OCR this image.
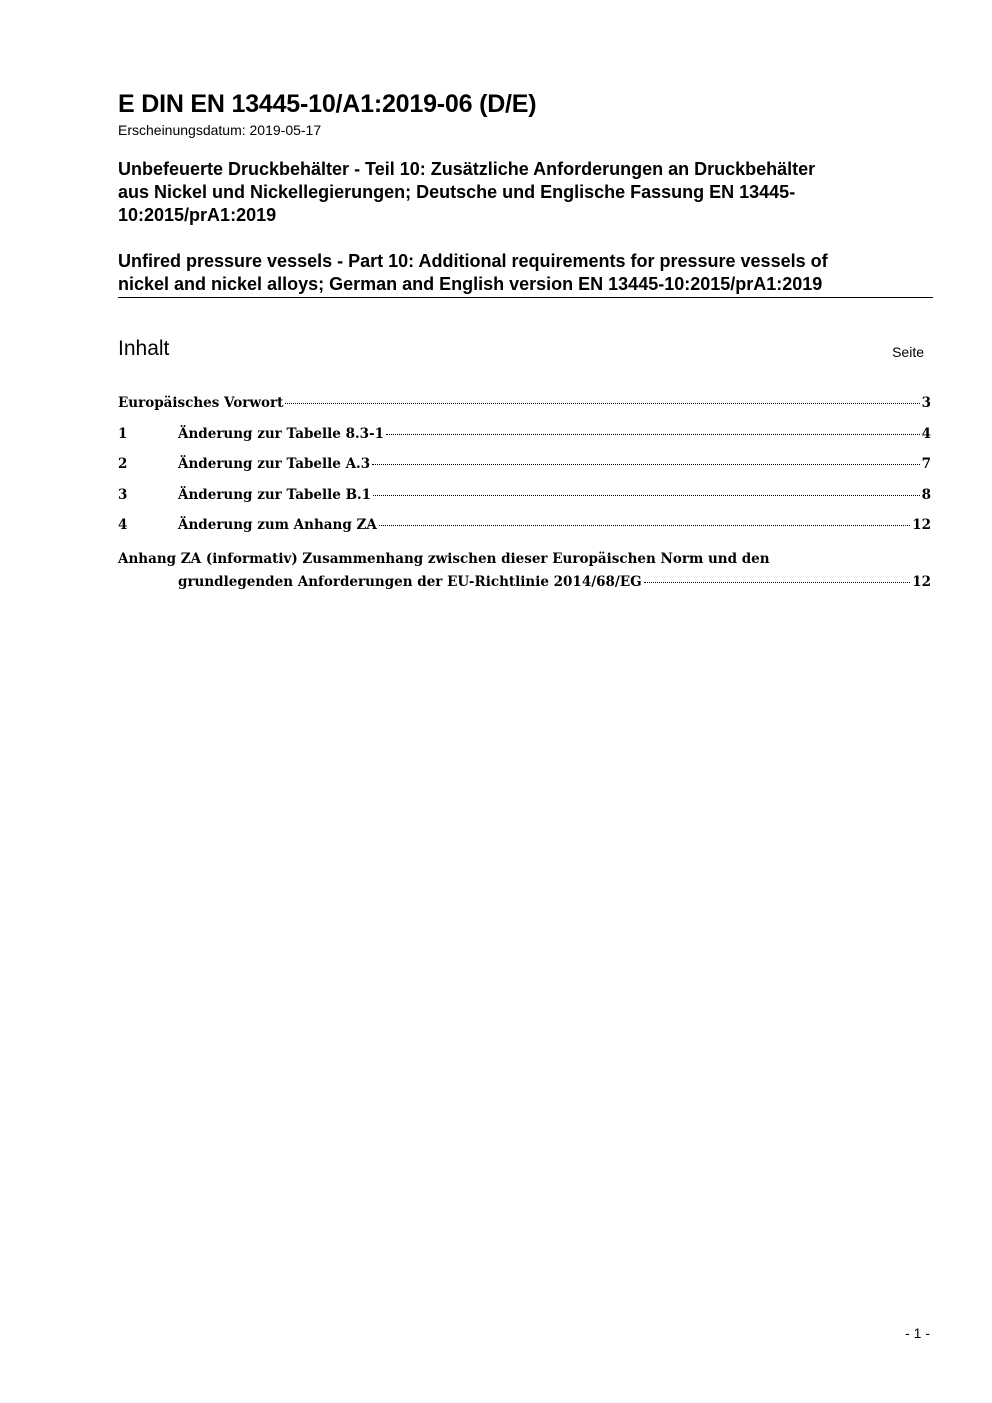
E DIN EN 13445-10/A1:2019-06 (D/E)
Erscheinungsdatum: 2019-05-17
Unbefeuerte Druckbehälter - Teil 10: Zusätzliche Anforderungen an Druckbehälter
aus Nickel und Nickellegierungen; Deutsche und Englische Fassung EN 13445-
10:2015/prA1:2019
Unfired pressure vessels - Part 10: Additional requirements for pressure vessels of
nickel and nickel alloys; German and English version EN 13445-10:2015/prA1:2019
Inhalt	Seite
Europäisches Vorwort	3
1	Änderung zur Tabelle 8.3-1	4
2	Änderung zur Tabelle A.3	7
3	Änderung zur Tabelle B.1	8
4	Änderung zum Anhang ZA	12
Anhang ZA (informativ) Zusammenhang zwischen dieser Europäischen Norm und den
grundlegenden Anforderungen der EU-Richtlinie 2014/68/EG	12
- 1 -
